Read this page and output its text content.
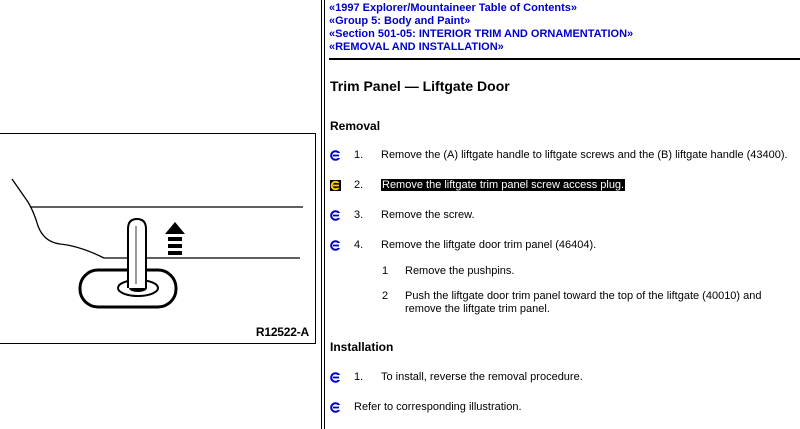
R12522-A
«1997 Explorer/Mountaineer Table of Contents»
«Group 5: Body and Paint»
«Section 501-05: INTERIOR TRIM AND ORNAMENTATION»
«REMOVAL AND INSTALLATION»
Trim Panel — Liftgate Door
Removal
1. Remove the (A) liftgate handle to liftgate screws and the (B) liftgate handle (43400).
2. Remove the liftgate trim panel screw access plug.
3. Remove the screw.
4. Remove the liftgate door trim panel (46404).
1 Remove the pushpins.
2 Push the liftgate door trim panel toward the top of the liftgate (40010) and remove the liftgate trim panel.
Installation
1. To install, reverse the removal procedure.
Refer to corresponding illustration.
